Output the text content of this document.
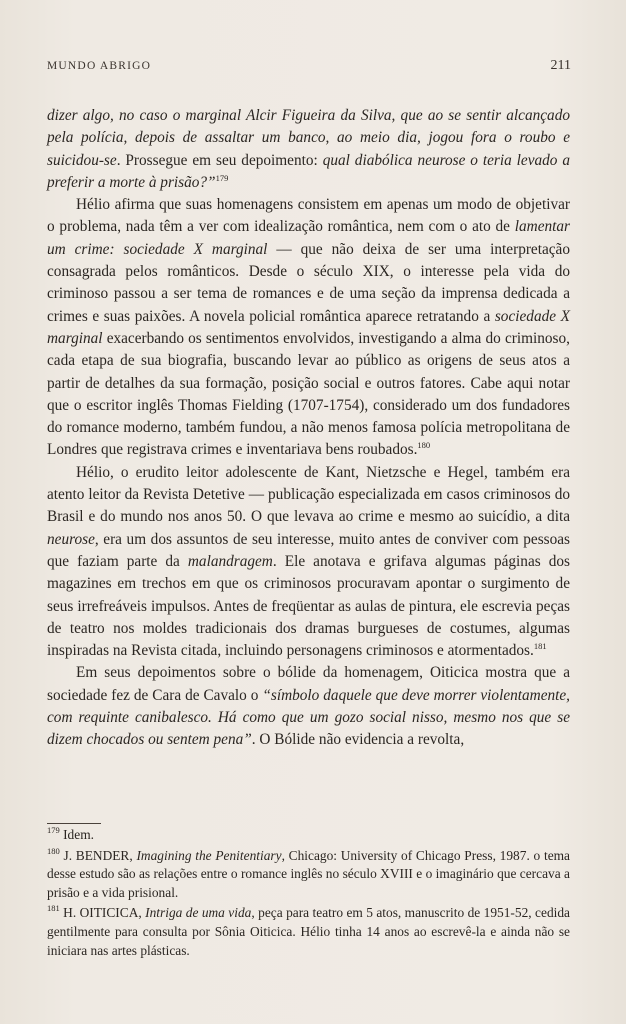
MUNDO ABRIGO	211

dizer algo, no caso o marginal Alcir Figueira da Silva, que ao se sentir alcançado pela polícia, depois de assaltar um banco, ao meio dia, jogou fora o roubo e suicidou-se. Prossegue em seu depoimento: qual diabólica neurose o teria levado a preferir a morte à prisão?”$^{179}$

Hélio afirma que suas homenagens consistem em apenas um modo de objetivar o problema, nada têm a ver com idealização romântica, nem com o ato de lamentar um crime: sociedade X marginal — que não deixa de ser uma interpretação consagrada pelos românticos. Desde o século XIX, o interesse pela vida do criminoso passou a ser tema de romances e de uma seção da imprensa dedicada a crimes e suas paixões. A novela policial romântica aparece retratando a sociedade X marginal exacerbando os sentimentos envolvidos, investigando a alma do criminoso, cada etapa de sua biografia, buscando levar ao público as origens de seus atos a partir de detalhes da sua formação, posição social e outros fatores. Cabe aqui notar que o escritor inglês Thomas Fielding (1707-1754), considerado um dos fundadores do romance moderno, também fundou, a não menos famosa polícia metropolitana de Londres que registrava crimes e inventariava bens roubados.$^{180}$

Hélio, o erudito leitor adolescente de Kant, Nietzsche e Hegel, também era atento leitor da Revista Detetive — publicação especializada em casos criminosos do Brasil e do mundo nos anos 50. O que levava ao crime e mesmo ao suicídio, a dita neurose, era um dos assuntos de seu interesse, muito antes de conviver com pessoas que faziam parte da malandragem. Ele anotava e grifava algumas páginas dos magazines em trechos em que os criminosos procuravam apontar o surgimento de seus irrefreáveis impulsos. Antes de freqüentar as aulas de pintura, ele escrevia peças de teatro nos moldes tradicionais dos dramas burgueses de costumes, algumas inspiradas na Revista citada, incluindo personagens criminosos e atormentados.$^{181}$

Em seus depoimentos sobre o bólide da homenagem, Oiticica mostra que a sociedade fez de Cara de Cavalo o “símbolo daquele que deve morrer violentamente, com requinte canibalesco. Há como que um gozo social nisso, mesmo nos que se dizem chocados ou sentem pena”. O Bólide não evidencia a revolta,

$^{179}$ Idem.

$^{180}$ J. BENDER, Imagining the Penitentiary, Chicago: University of Chicago Press, 1987. o tema desse estudo são as relações entre o romance inglês no século XVIII e o imaginário que cercava a prisão e a vida prisional.

$^{181}$ H. OITICICA, Intriga de uma vida, peça para teatro em 5 atos, manuscrito de 1951-52, cedida gentilmente para consulta por Sônia Oiticica. Hélio tinha 14 anos ao escrevê-la e ainda não se iniciara nas artes plásticas.
